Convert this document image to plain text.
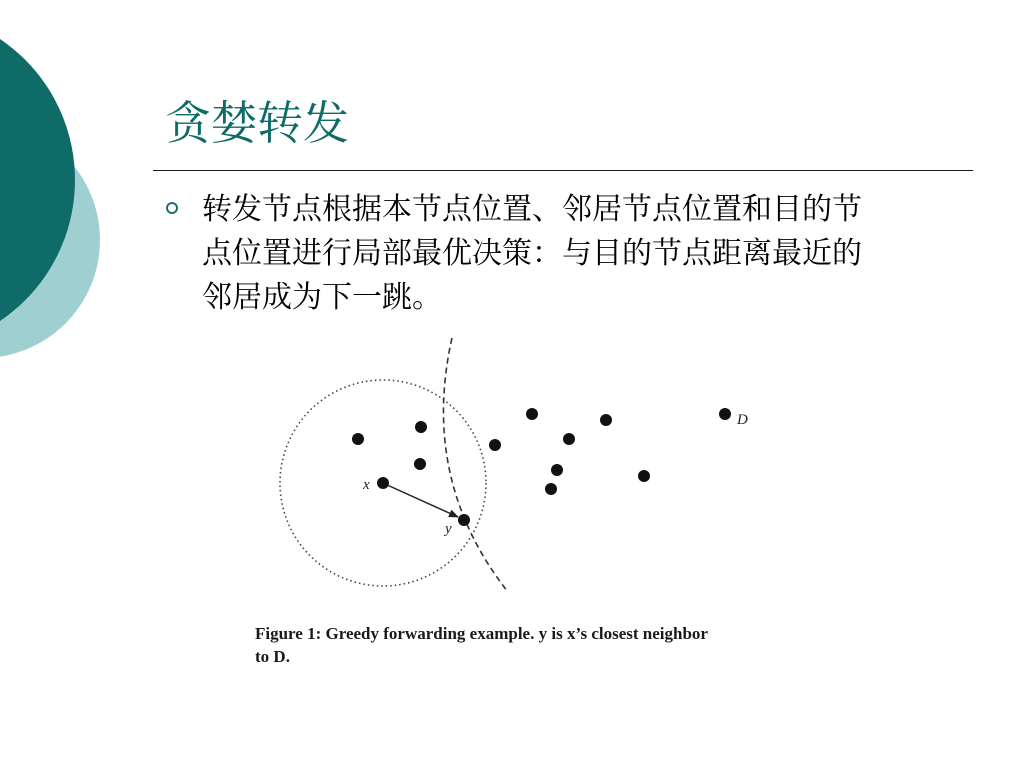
贪婪转发
转发节点根据本节点位置、邻居节点位置和目的节
点位置进行局部最优决策：与目的节点距离最近的
邻居成为下一跳。
x
y
D
Figure 1: Greedy forwarding example. y is x’s closest neighbor
to D.
